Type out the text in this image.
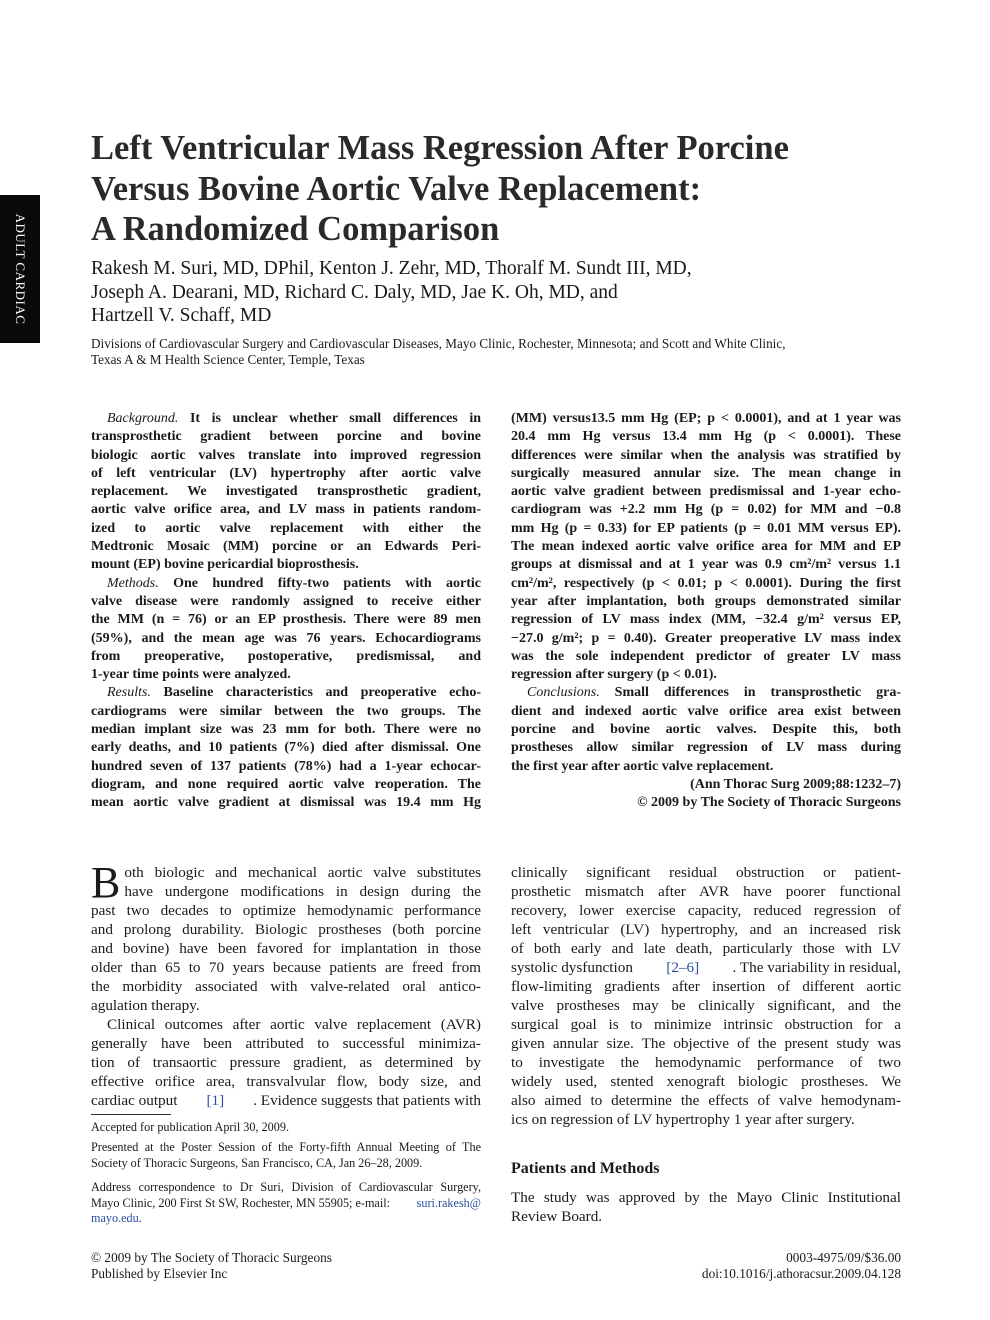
ADULT CARDIAC
Left Ventricular Mass Regression After Porcine
Versus Bovine Aortic Valve Replacement:
A Randomized Comparison
Rakesh M. Suri, MD, DPhil, Kenton J. Zehr, MD, Thoralf M. Sundt III, MD,
Joseph A. Dearani, MD, Richard C. Daly, MD, Jae K. Oh, MD, and
Hartzell V. Schaff, MD
Divisions of Cardiovascular Surgery and Cardiovascular Diseases, Mayo Clinic, Rochester, Minnesota; and Scott and White Clinic,
Texas A & M Health Science Center, Temple, Texas
Background. It is unclear whether small differences in
transprosthetic gradient between porcine and bovine
biologic aortic valves translate into improved regression
of left ventricular (LV) hypertrophy after aortic valve
replacement. We investigated transprosthetic gradient,
aortic valve orifice area, and LV mass in patients random-
ized to aortic valve replacement with either the
Medtronic Mosaic (MM) porcine or an Edwards Peri-
mount (EP) bovine pericardial bioprosthesis.
Methods. One hundred fifty-two patients with aortic
valve disease were randomly assigned to receive either
the MM (n = 76) or an EP prosthesis. There were 89 men
(59%), and the mean age was 76 years. Echocardiograms
from preoperative, postoperative, predismissal, and
1-year time points were analyzed.
Results. Baseline characteristics and preoperative echo-
cardiograms were similar between the two groups. The
median implant size was 23 mm for both. There were no
early deaths, and 10 patients (7%) died after dismissal. One
hundred seven of 137 patients (78%) had a 1-year echocar-
diogram, and none required aortic valve reoperation. The
mean aortic valve gradient at dismissal was 19.4 mm Hg
(MM) versus13.5 mm Hg (EP; p < 0.0001), and at 1 year was
20.4 mm Hg versus 13.4 mm Hg (p < 0.0001). These
differences were similar when the analysis was stratified by
surgically measured annular size. The mean change in
aortic valve gradient between predismissal and 1-year echo-
cardiogram was +2.2 mm Hg (p = 0.02) for MM and −0.8
mm Hg (p = 0.33) for EP patients (p = 0.01 MM versus EP).
The mean indexed aortic valve orifice area for MM and EP
groups at dismissal and at 1 year was 0.9 cm²/m² versus 1.1
cm²/m², respectively (p < 0.01; p < 0.0001). During the first
year after implantation, both groups demonstrated similar
regression of LV mass index (MM, −32.4 g/m² versus EP,
−27.0 g/m²; p = 0.40). Greater preoperative LV mass index
was the sole independent predictor of greater LV mass
regression after surgery (p < 0.01).
Conclusions. Small differences in transprosthetic gra-
dient and indexed aortic valve orifice area exist between
porcine and bovine aortic valves. Despite this, both
prostheses allow similar regression of LV mass during
the first year after aortic valve replacement.
(Ann Thorac Surg 2009;88:1232–7)
© 2009 by The Society of Thoracic Surgeons
B oth biologic and mechanical aortic valve substitutes
have undergone modifications in design during the
past two decades to optimize hemodynamic performance
and prolong durability. Biologic prostheses (both porcine
and bovine) have been favored for implantation in those
older than 65 to 70 years because patients are freed from
the morbidity associated with valve-related oral antico-
agulation therapy.
Clinical outcomes after aortic valve replacement (AVR)
generally have been attributed to successful minimiza-
tion of transaortic pressure gradient, as determined by
effective orifice area, transvalvular flow, body size, and
cardiac output [1] . Evidence suggests that patients with
clinically significant residual obstruction or patient-
prosthetic mismatch after AVR have poorer functional
recovery, lower exercise capacity, reduced regression of
left ventricular (LV) hypertrophy, and an increased risk
of both early and late death, particularly those with LV
systolic dysfunction [2–6] . The variability in residual,
flow-limiting gradients after insertion of different aortic
valve prostheses may be clinically significant, and the
surgical goal is to minimize intrinsic obstruction for a
given annular size. The objective of the present study was
to investigate the hemodynamic performance of two
widely used, stented xenograft biologic prostheses. We
also aimed to determine the effects of valve hemodynam-
ics on regression of LV hypertrophy 1 year after surgery.
Patients and Methods
The study was approved by the Mayo Clinic Institutional
Review Board.
Accepted for publication April 30, 2009.
Presented at the Poster Session of the Forty-fifth Annual Meeting of The
Society of Thoracic Surgeons, San Francisco, CA, Jan 26–28, 2009.
Address correspondence to Dr Suri, Division of Cardiovascular Surgery,
Mayo Clinic, 200 First St SW, Rochester, MN 55905; e-mail: suri.rakesh@
mayo.edu.
© 2009 by The Society of Thoracic Surgeons
Published by Elsevier Inc
0003-4975/09/$36.00
doi:10.1016/j.athoracsur.2009.04.128
